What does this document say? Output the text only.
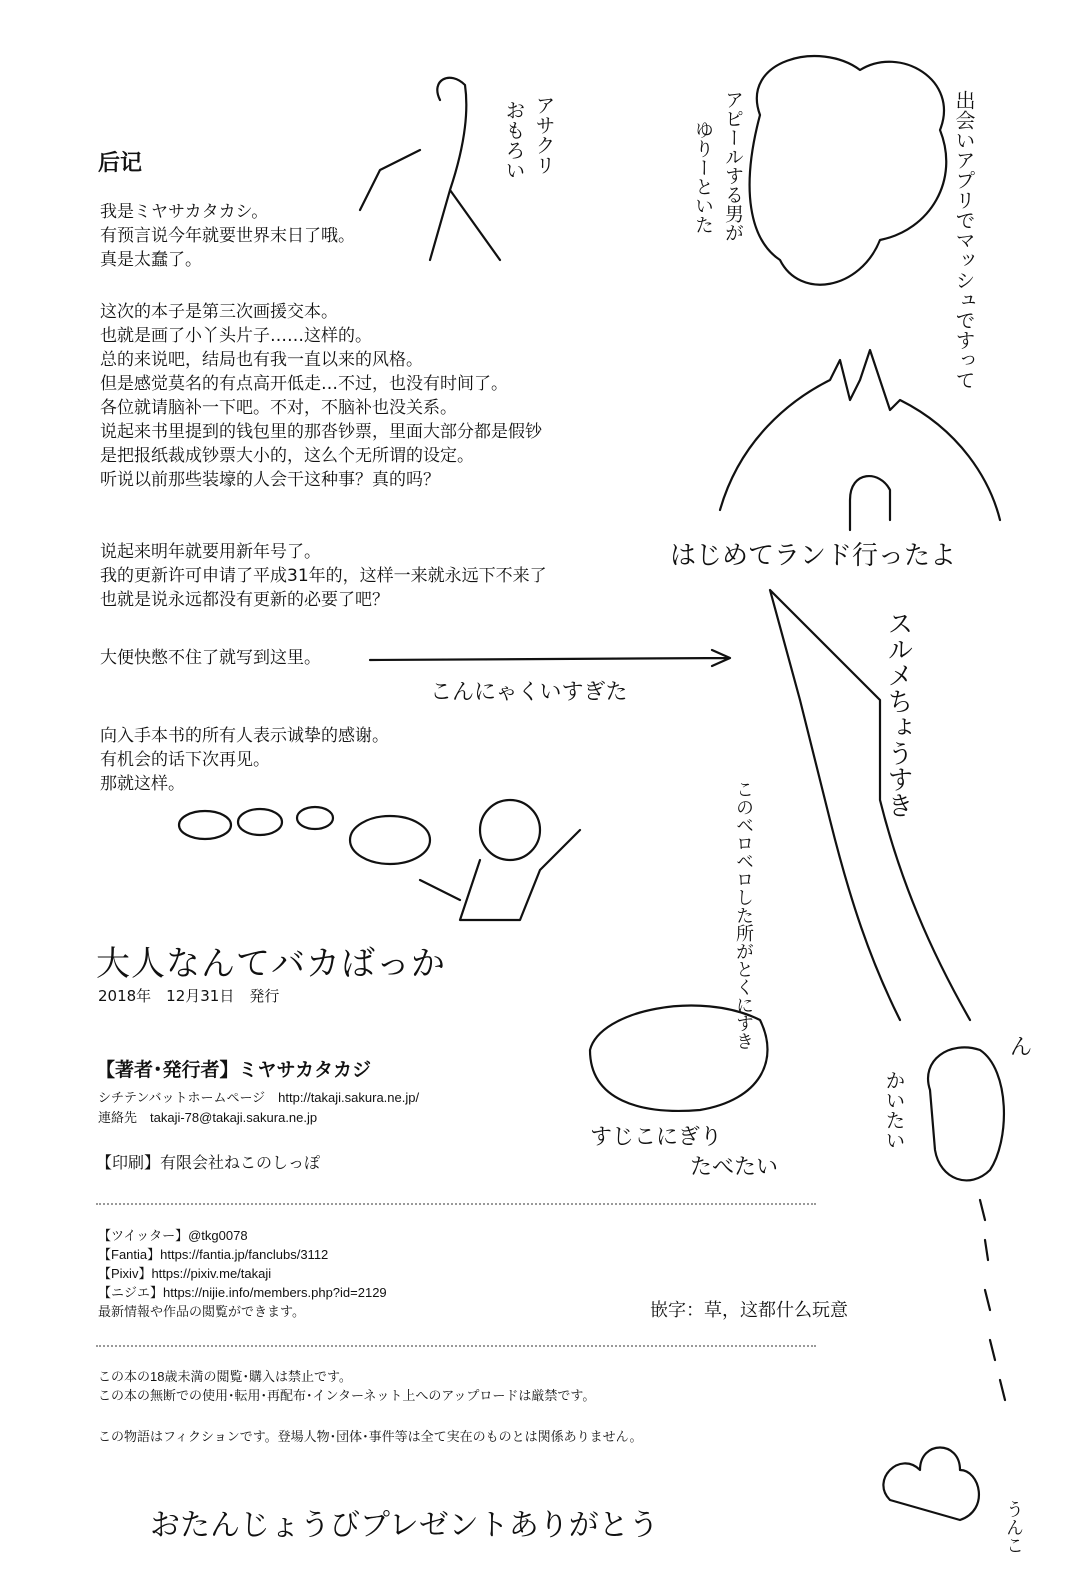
后记
我是ミヤサカタカシ。
有预言说今年就要世界末日了哦。
真是太蠢了。
这次的本子是第三次画援交本。
也就是画了小丫头片子……这样的。
总的来说吧，结局也有我一直以来的风格。
但是感觉莫名的有点高开低走…不过，也没有时间了。
各位就请脑补一下吧。不对，不脑补也没关系。
说起来书里提到的钱包里的那沓钞票，里面大部分都是假钞
是把报纸裁成钞票大小的，这么个无所谓的设定。
听说以前那些装壕的人会干这种事？真的吗？
说起来明年就要用新年号了。
我的更新许可申请了平成31年的，这样一来就永远下不来了
也就是说永远都没有更新的必要了吧？
大便快憋不住了就写到这里。
向入手本书的所有人表示诚挚的感谢。
有机会的话下次再见。
那就这样。
大人なんてバカばっか
2018年　12月31日　発行
【著者･発行者】ミヤサカタカジ
シチテンバットホームページ　http://takaji.sakura.ne.jp/
連絡先　takaji-78@takaji.sakura.ne.jp
【印刷】有限会社ねこのしっぽ
【ツイッター】@tkg0078
【Fantia】https://fantia.jp/fanclubs/3112
【Pixiv】https://pixiv.me/takaji
【ニジエ】https://nijie.info/members.php?id=2129
最新情報や作品の閲覧ができます。
この本の18歳未満の閲覧･購入は禁止です。
この本の無断での使用･転用･再配布･インターネット上へのアップロードは厳禁です。
この物語はフィクションです。登場人物･団体･事件等は全て実在のものとは関係ありません。
アサクリ
おもろい	出会いアプリでマッシュですって
アピールする男が
ゆりーといた
はじめてランド行ったよ
こんにゃくいすぎた	スルメちょうすき
このベロベロした所がとくにすき
すじこにぎり
たべたい
かいたい
ん
うんこ
嵌字：草，这都什么玩意
おたんじょうびプレゼントありがとう
